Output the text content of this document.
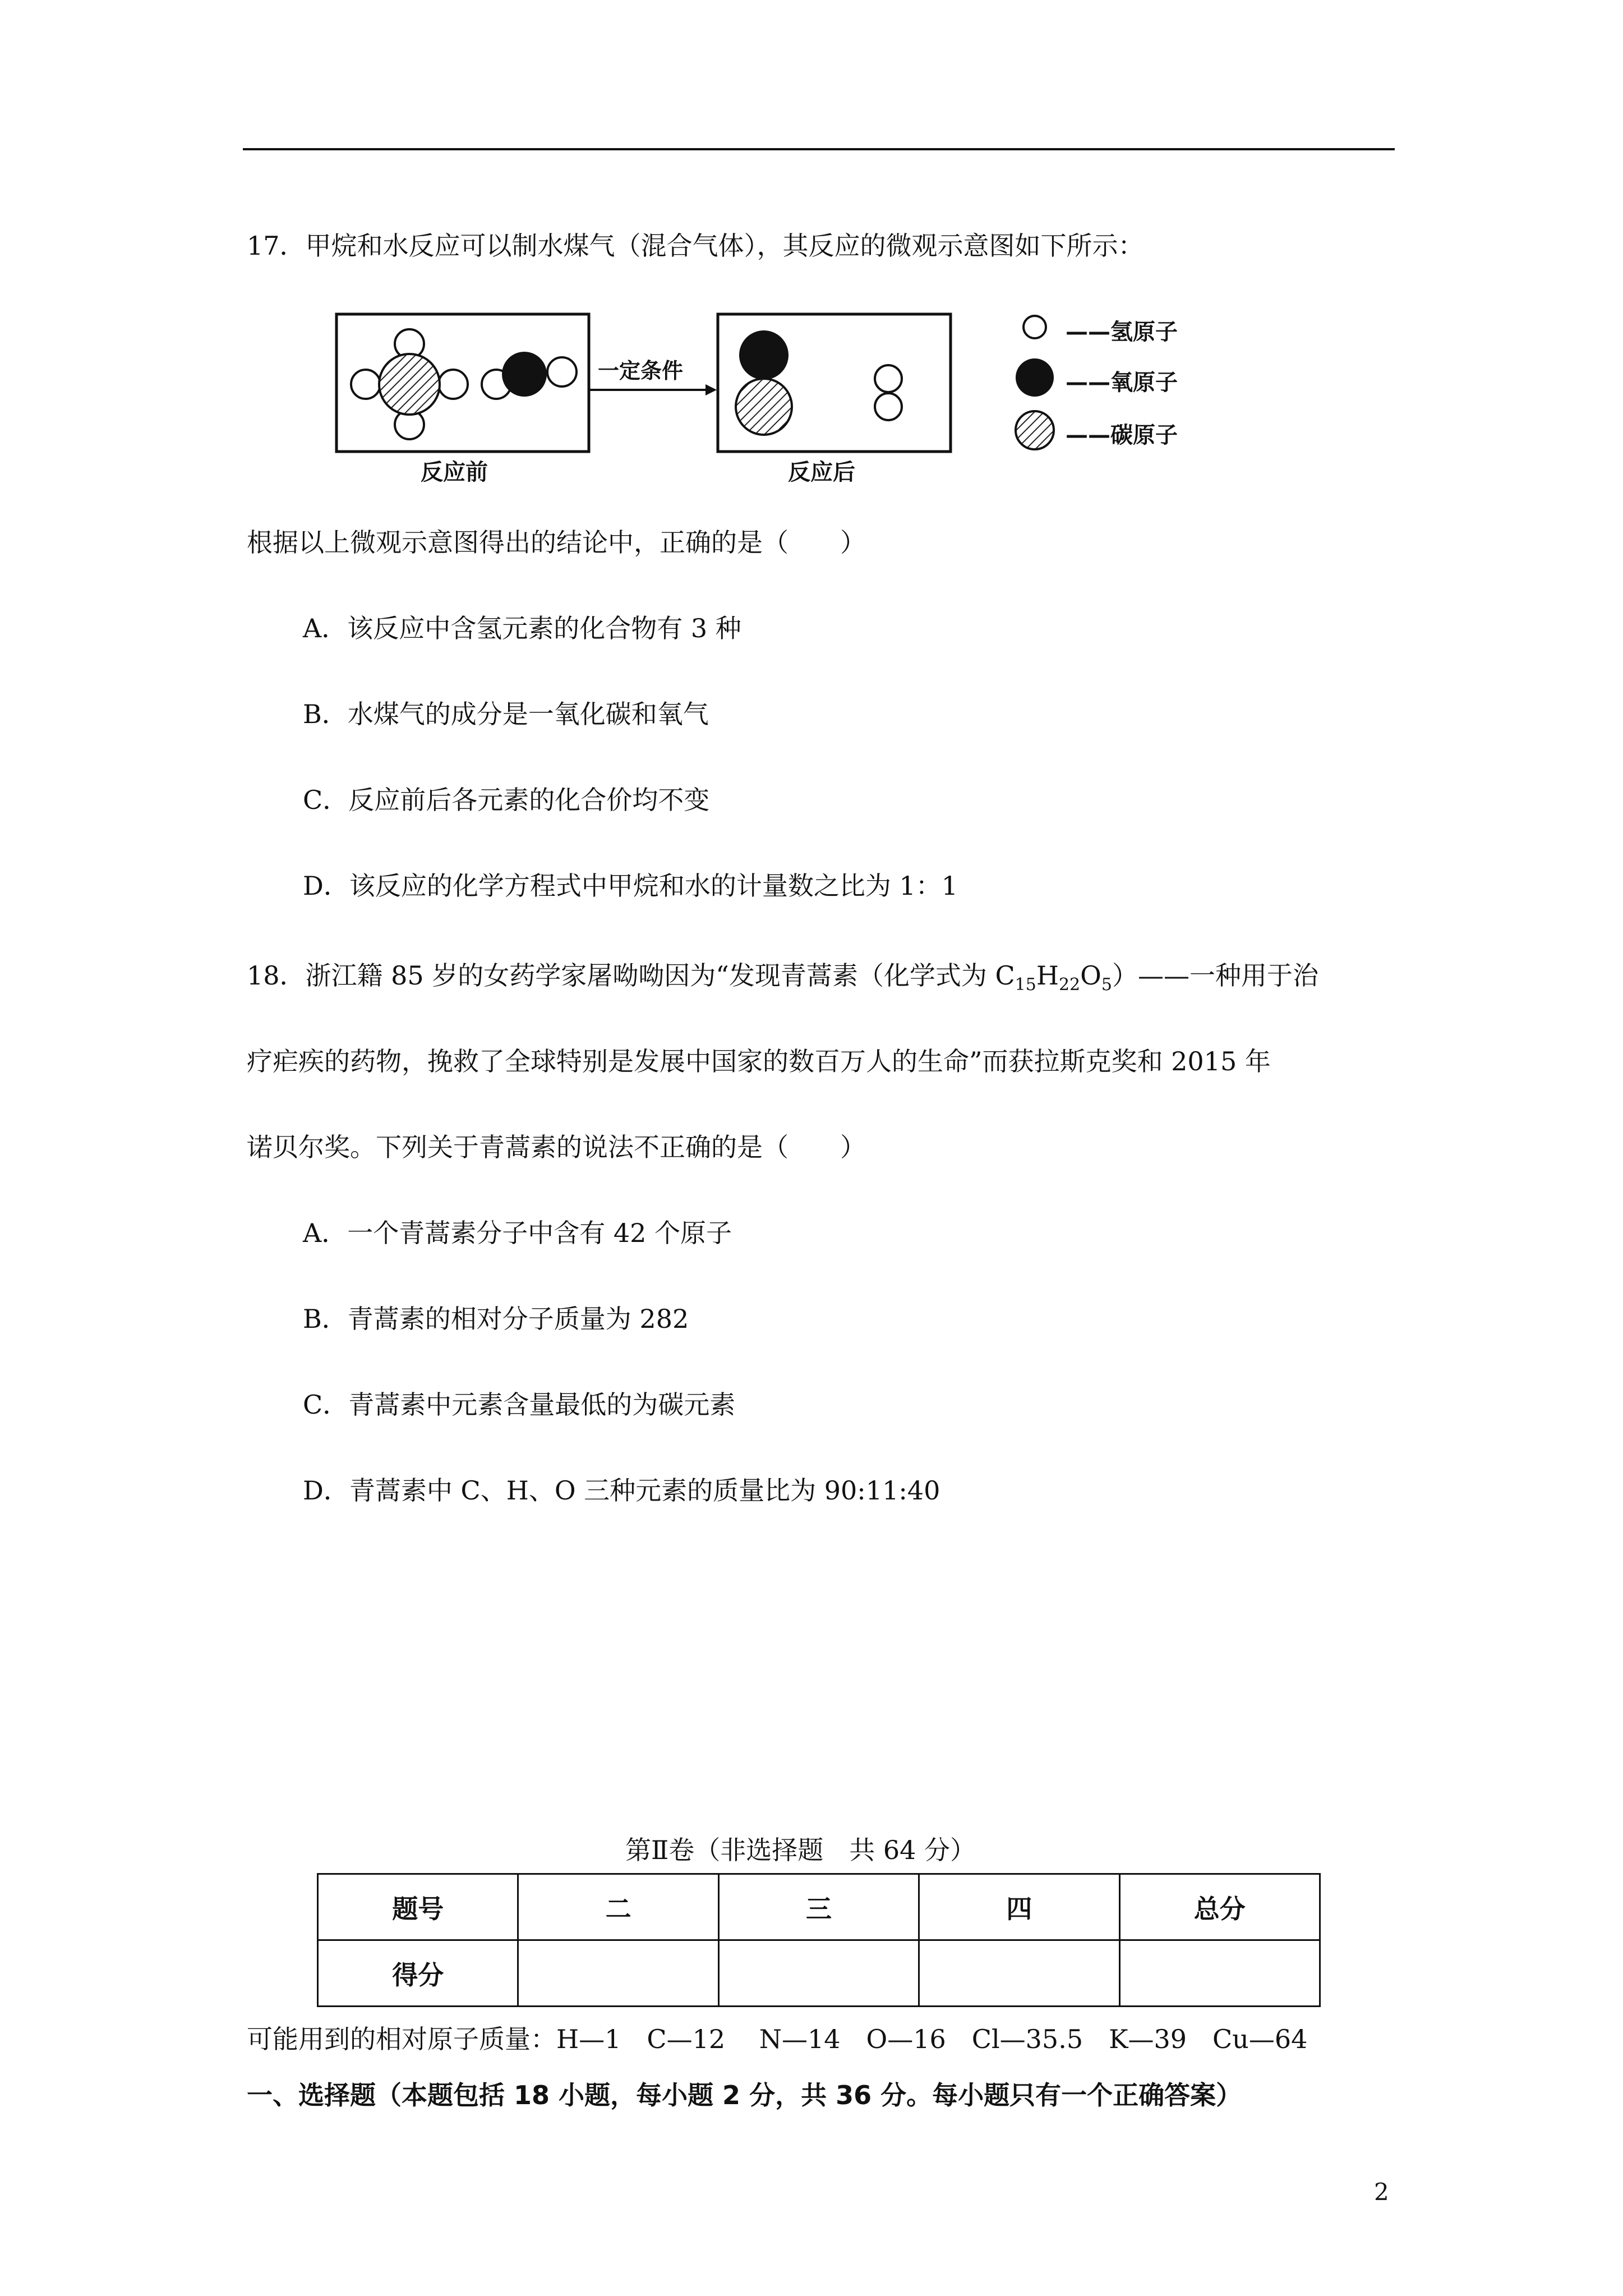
17．甲烷和水反应可以制水煤气（混合气体），其反应的微观示意图如下所示：
一定条件
反应前	反应后
——氢原子
——氧原子
——碳原子
根据以上微观示意图得出的结论中，正确的是（　　）
A．该反应中含氢元素的化合物有 3 种
B．水煤气的成分是一氧化碳和氧气
C．反应前后各元素的化合价均不变
D．该反应的化学方程式中甲烷和水的计量数之比为 1：1
18．浙江籍 85 岁的女药学家屠呦呦因为“发现青蒿素（化学式为 $C_{15}H_{22}O_5)——$一种用于治
疗疟疾的药物，挽救了全球特别是发展中国家的数百万人的生命”而获拉斯克奖和 2015 年
诺贝尔奖。下列关于青蒿素的说法不正确的是（　　）
A．一个青蒿素分子中含有 42 个原子
B．青蒿素的相对分子质量为 282
C．青蒿素中元素含量最低的为碳元素
D．青蒿素中 C、H、O 三种元素的质量比为 90:11:40
第Ⅱ卷（非选择题　共 64 分）
题号	二	三	四	总分
得分				
可能用到的相对原子质量：H—1　C—12　 N—14　O—16　Cl—35.5　K—39　Cu—64
一、选择题（本题包括 18 小题，每小题 2 分，共 36 分。每小题只有一个正确答案）
2
